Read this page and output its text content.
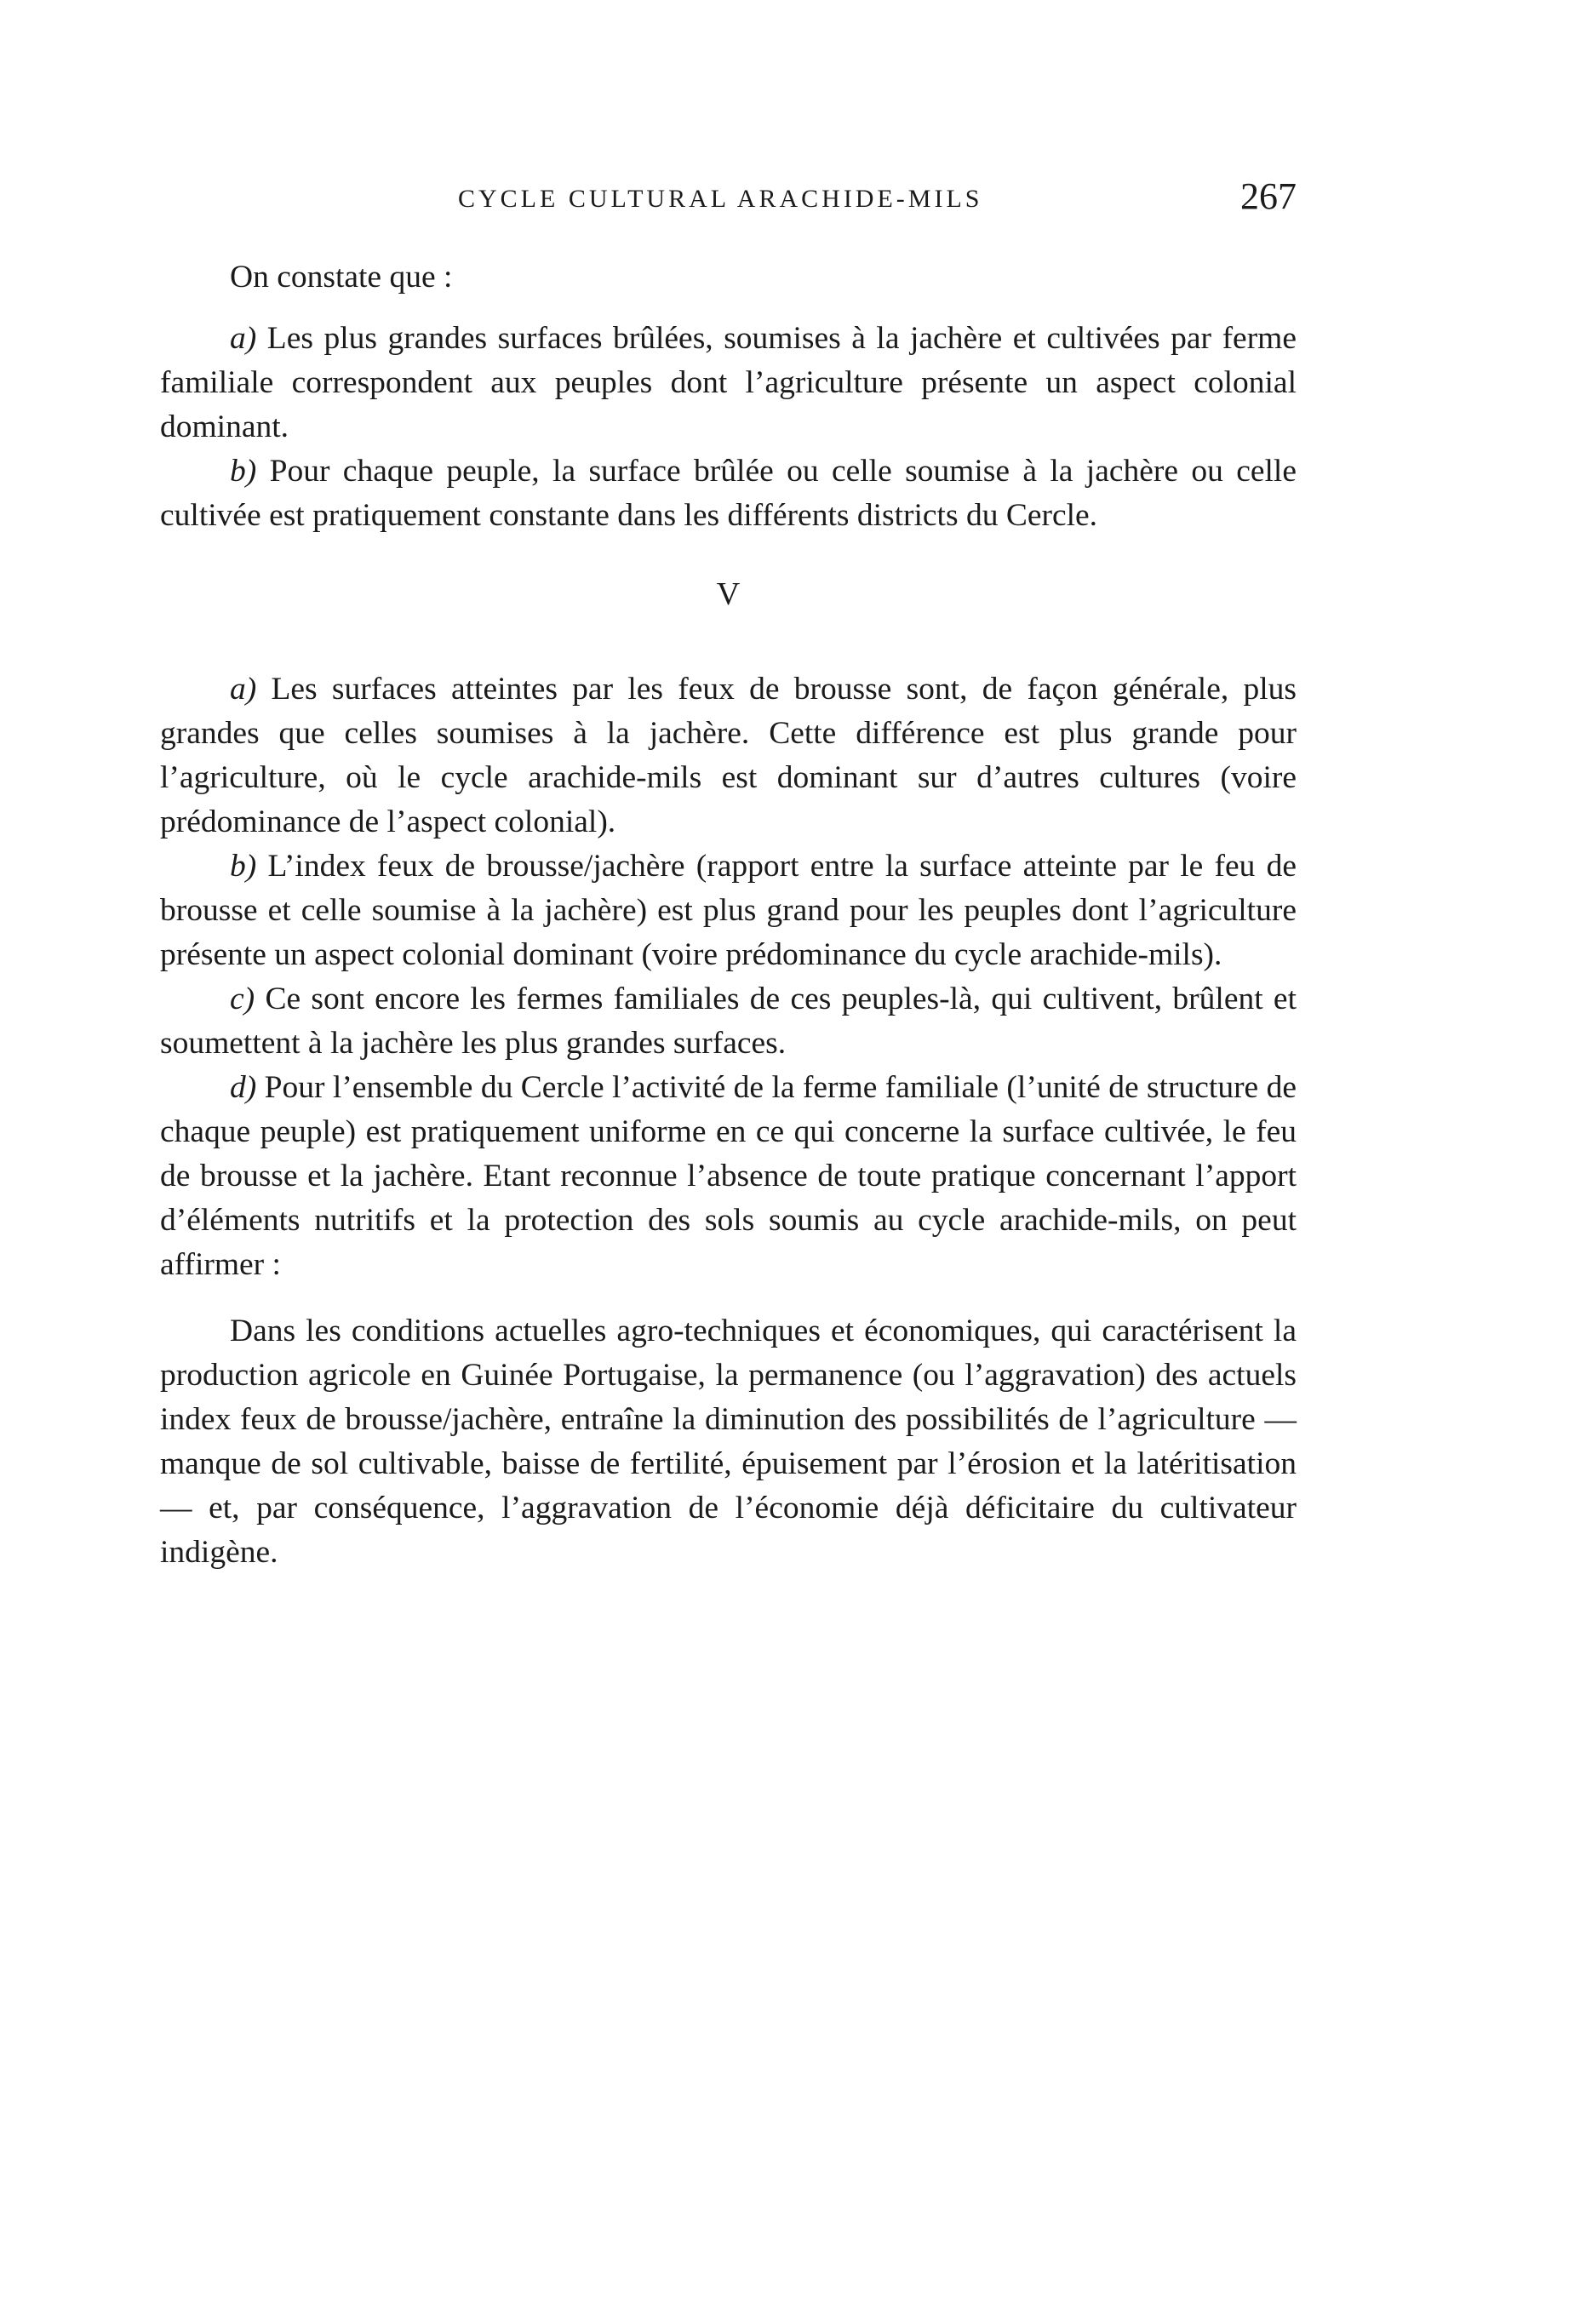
CYCLE CULTURAL ARACHIDE-MILS	267

On constate que :

a) Les plus grandes surfaces brûlées, soumises à la jachère et cultivées par ferme familiale correspondent aux peuples dont l’agriculture présente un aspect colonial dominant.

b) Pour chaque peuple, la surface brûlée ou celle soumise à la jachère ou celle cultivée est pratiquement constante dans les différents districts du Cercle.

V

a) Les surfaces atteintes par les feux de brousse sont, de façon générale, plus grandes que celles soumises à la jachère. Cette différence est plus grande pour l’agriculture, où le cycle arachide-mils est dominant sur d’autres cultures (voire prédominance de l’aspect colonial).

b) L’index feux de brousse/jachère (rapport entre la surface atteinte par le feu de brousse et celle soumise à la jachère) est plus grand pour les peuples dont l’agriculture présente un aspect colonial dominant (voire prédominance du cycle arachide-mils).

c) Ce sont encore les fermes familiales de ces peuples-là, qui cultivent, brûlent et soumettent à la jachère les plus grandes surfaces.

d) Pour l’ensemble du Cercle l’activité de la ferme familiale (l’unité de structure de chaque peuple) est pratiquement uniforme en ce qui concerne la surface cultivée, le feu de brousse et la jachère. Etant reconnue l’absence de toute pratique concernant l’apport d’éléments nutritifs et la protection des sols soumis au cycle arachide-mils, on peut affirmer :

Dans les conditions actuelles agro-techniques et économiques, qui caractérisent la production agricole en Guinée Portugaise, la permanence (ou l’aggravation) des actuels index feux de brousse/jachère, entraîne la diminution des possibilités de l’agriculture — manque de sol cultivable, baisse de fertilité, épuisement par l’érosion et la latéritisation — et, par conséquence, l’aggravation de l’économie déjà déficitaire du cultivateur indigène.
